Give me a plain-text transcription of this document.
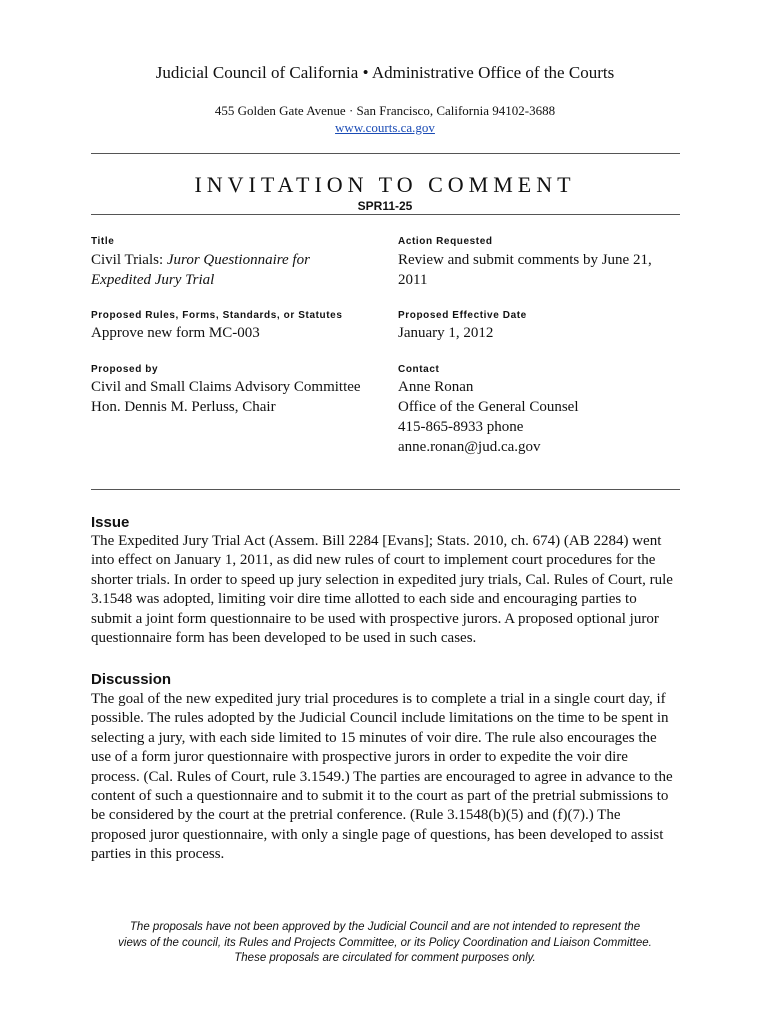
Judicial Council of California • Administrative Office of the Courts
455 Golden Gate Avenue · San Francisco, California 94102-3688
www.courts.ca.gov
INVITATION TO COMMENT
SPR11-25
Title
Civil Trials: Juror Questionnaire for
Expedited Jury Trial
Action Requested
Review and submit comments by June 21,
2011
Proposed Rules, Forms, Standards, or Statutes
Approve new form MC-003
Proposed Effective Date
January 1, 2012
Proposed by
Civil and Small Claims Advisory Committee
Hon. Dennis M. Perluss, Chair
Contact
Anne Ronan
Office of the General Counsel
415-865-8933 phone
anne.ronan@jud.ca.gov
Issue
The Expedited Jury Trial Act (Assem. Bill 2284 [Evans]; Stats. 2010, ch. 674) (AB 2284) went
into effect on January 1, 2011, as did new rules of court to implement court procedures for the
shorter trials. In order to speed up jury selection in expedited jury trials, Cal. Rules of Court, rule
3.1548 was adopted, limiting voir dire time allotted to each side and encouraging parties to
submit a joint form questionnaire to be used with prospective jurors. A proposed optional juror
questionnaire form has been developed to be used in such cases.
Discussion
The goal of the new expedited jury trial procedures is to complete a trial in a single court day, if
possible. The rules adopted by the Judicial Council include limitations on the time to be spent in
selecting a jury, with each side limited to 15 minutes of voir dire. The rule also encourages the
use of a form juror questionnaire with prospective jurors in order to expedite the voir dire
process. (Cal. Rules of Court, rule 3.1549.) The parties are encouraged to agree in advance to the
content of such a questionnaire and to submit it to the court as part of the pretrial submissions to
be considered by the court at the pretrial conference. (Rule 3.1548(b)(5) and (f)(7).) The
proposed juror questionnaire, with only a single page of questions, has been developed to assist
parties in this process.
The proposals have not been approved by the Judicial Council and are not intended to represent the
views of the council, its Rules and Projects Committee, or its Policy Coordination and Liaison Committee.
These proposals are circulated for comment purposes only.
